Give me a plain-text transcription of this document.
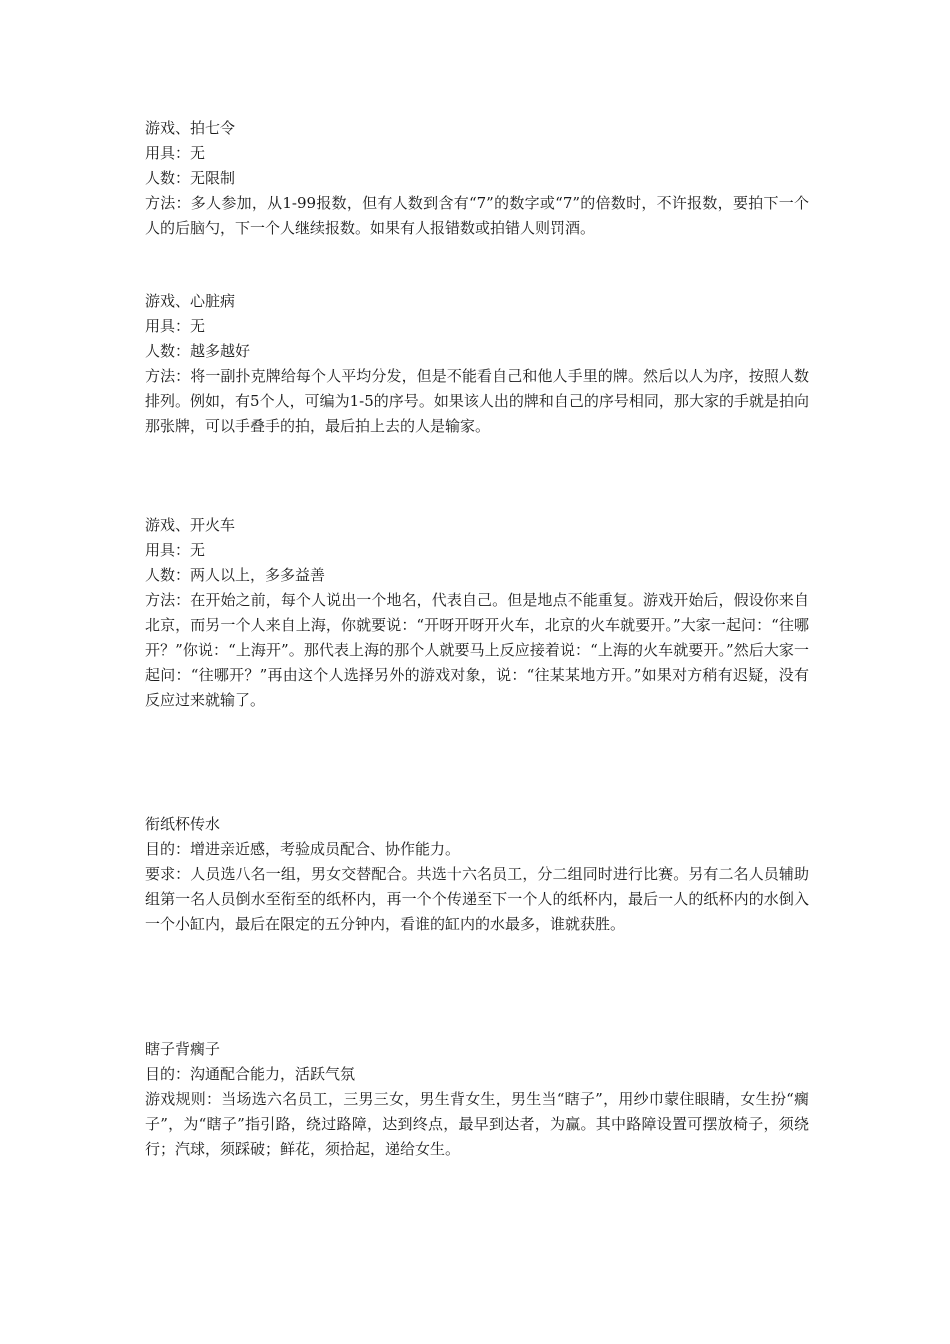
游戏、拍七令

用具：无

人数：无限制

方法：多人参加，从1-99报数，但有人数到含有“7”的数字或“7”的倍数时，不许报数，要拍下一个人的后脑勺，下一个人继续报数。如果有人报错数或拍错人则罚酒。

游戏、心脏病

用具：无

人数：越多越好

方法：将一副扑克牌给每个人平均分发，但是不能看自己和他人手里的牌。然后以人为序，按照人数排列。例如，有5个人，可编为1-5的序号。如果该人出的牌和自己的序号相同，那大家的手就是拍向那张牌，可以手叠手的拍，最后拍上去的人是输家。

游戏、开火车

用具：无

人数：两人以上，多多益善

方法：在开始之前，每个人说出一个地名，代表自己。但是地点不能重复。游戏开始后，假设你来自北京，而另一个人来自上海，你就要说：“开呀开呀开火车，北京的火车就要开。”大家一起问：“往哪开？”你说：“上海开”。那代表上海的那个人就要马上反应接着说：“上海的火车就要开。”然后大家一起问：“往哪开？”再由这个人选择另外的游戏对象，说：“往某某地方开。”如果对方稍有迟疑，没有反应过来就输了。

衔纸杯传水

目的：增进亲近感，考验成员配合、协作能力。

要求：人员选八名一组，男女交替配合。共选十六名员工，分二组同时进行比赛。另有二名人员辅助组第一名人员倒水至衔至的纸杯内，再一个个传递至下一个人的纸杯内，最后一人的纸杯内的水倒入一个小缸内，最后在限定的五分钟内，看谁的缸内的水最多，谁就获胜。

瞎子背瘸子

目的：沟通配合能力，活跃气氛

游戏规则：当场选六名员工，三男三女，男生背女生，男生当“瞎子”，用纱巾蒙住眼睛，女生扮“瘸子”，为“瞎子”指引路，绕过路障，达到终点，最早到达者，为赢。其中路障设置可摆放椅子，须绕行；汽球，须踩破；鲜花，须拾起，递给女生。
